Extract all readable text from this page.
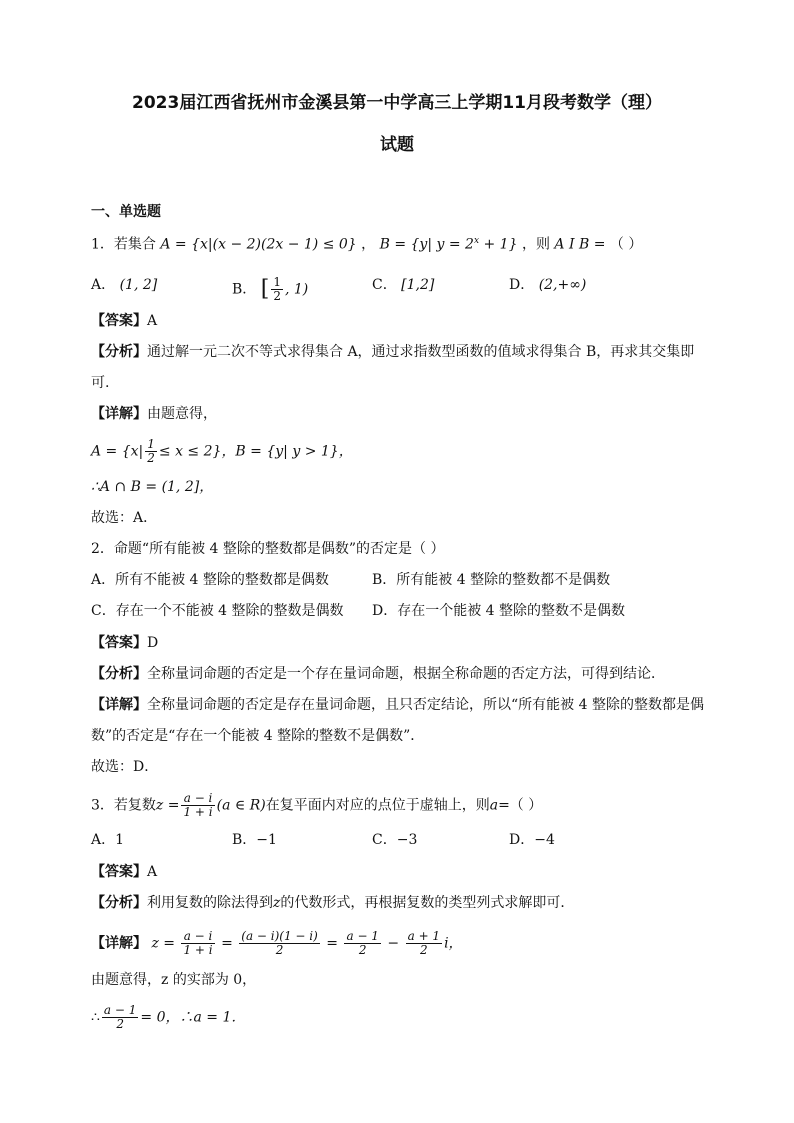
2023届江西省抚州市金溪县第一中学高三上学期11月段考数学（理）
试题
一、单选题
1．若集合 A = {x|(x − 2)(2x − 1) ≤ 0} ， B = {y| $y = 2^x + 1$} ，则 A I B = （ ）
A． (1, 2]	B． [ $\frac{1}{2}$ , 1)	C． [1,2]	D． (2,+∞)
【答案】A
【分析】通过解一元二次不等式求得集合 A，通过求指数型函数的值域求得集合 B，再求其交集即
可.
【详解】由题意得，
$A = \{x| \frac{1}{2} \le x \le 2\}$，B = {y| y > 1}，
∴A ∩ B = (1, 2]，
故选：A．
2．命题“所有能被 4 整除的整数都是偶数”的否定是（ ）
A．所有不能被 4 整除的整数都是偶数	B．所有能被 4 整除的整数都不是偶数
C．存在一个不能被 4 整除的整数是偶数 D．存在一个能被 4 整除的整数不是偶数
【答案】D
【分析】全称量词命题的否定是一个存在量词命题，根据全称命题的否定方法，可得到结论．
【详解】全称量词命题的否定是存在量词命题，且只否定结论，所以“所有能被 4 整除的整数都是偶
数”的否定是“存在一个能被 4 整除的整数不是偶数”．
故选：D．
3．若复数$z = \frac{a - i}{1 + i} (a$ ∈ R)在复平面内对应的点位于虚轴上，则a=（ ）
A．1	B．−1	C．−3	D．−4
【答案】A
【分析】利用复数的除法得到z的代数形式，再根据复数的类型列式求解即可．
【详解】 $z = \frac{a - i}{1 + i} = \frac{(a - i)(1 - i)}{2} = \frac{a - 1}{2} - \frac{a + 1}{2}$ i，
由题意得，z 的实部为 0，
∴ $\frac{a - 1}{2} = 0$，∴a = 1．
